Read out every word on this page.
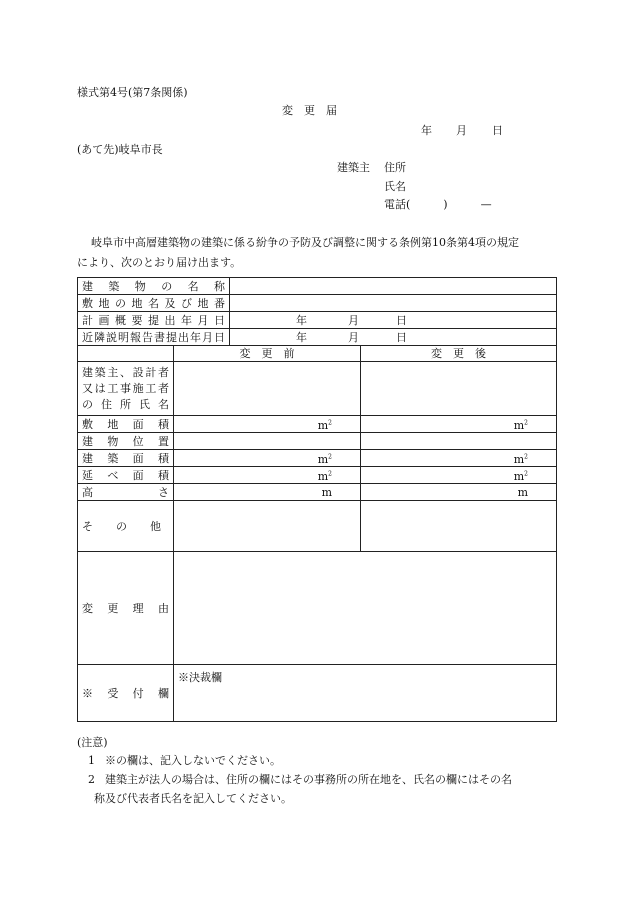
様式第4号(第7条関係)
変　更　届
年 月 日
(あて先)岐阜市長
建築主 住所
氏名
電話(　　　)　　　—
岐阜市中高層建築物の建築に係る紛争の予防及び調整に関する条例第10条第4項の規定
により、次のとおり届け出ます。
建築物の名称			
敷地の地名及び地番			
計画概要提出年月日		年 月 日	
近隣説明報告書提出年月日		年 月 日	
	変　更　前		変　更　後
建築主、設計者又は工事施工者の住所氏名			
敷地面積	$m^2$		$m^2$
建物位置			
建築面積	$m^2$		$m^2$
延べ面積	$m^2$		$m^2$
高さ	m		m
その他			
変更理由			
※受付欄	※決裁欄		
(注意)
1 ※の欄は、記入しないでください。
2 建築主が法人の場合は、住所の欄にはその事務所の所在地を、氏名の欄にはその名
称及び代表者氏名を記入してください。
